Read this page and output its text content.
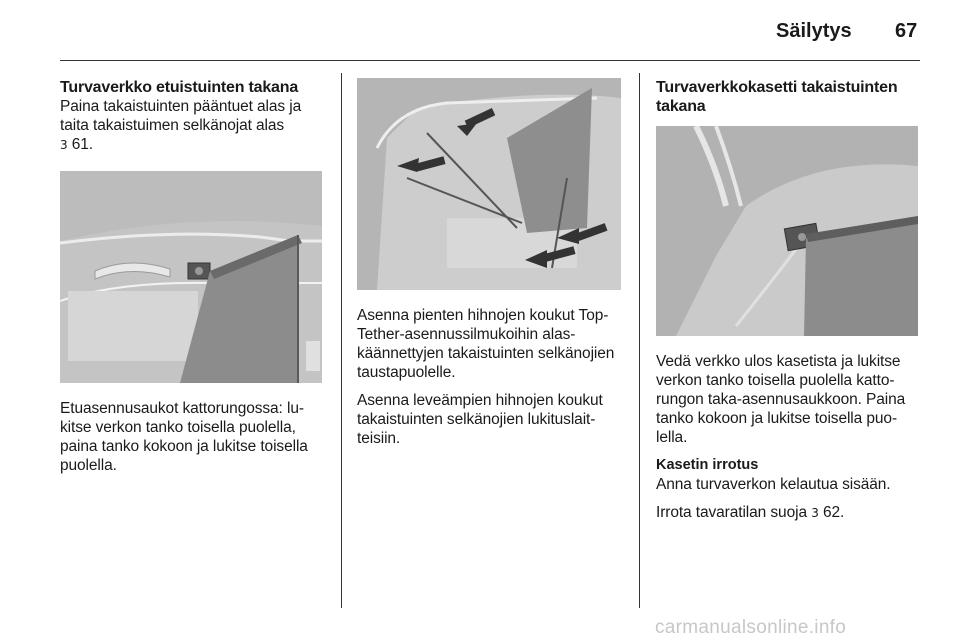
Säilytys 67

Turvaverkko etuistuinten takana

Paina takaistuinten pääntuet alas ja taita takaistuimen selkänojat alas
3 61.

Etuasennusaukot kattorungossa: lukitse verkon tanko toisella puolella, paina tanko kokoon ja lukitse toisella puolella.

Asenna pienten hihnojen koukut Top-Tether-asennussilmukoihin alaskäännettyjen takaistuinten selkänojien taustapuolelle.

Asenna leveämpien hihnojen koukut takaistuinten selkänojien lukituslaitteisiin.

Turvaverkkokasetti takaistuinten takana

Vedä verkko ulos kasetista ja lukitse verkon tanko toisella puolella kattorungon taka-asennusaukkoon. Paina tanko kokoon ja lukitse toisella puolella.

Kasetin irrotus

Anna turvaverkon kelautua sisään.

Irrota tavaratilan suoja 3 62.

carmanualsonline.info
